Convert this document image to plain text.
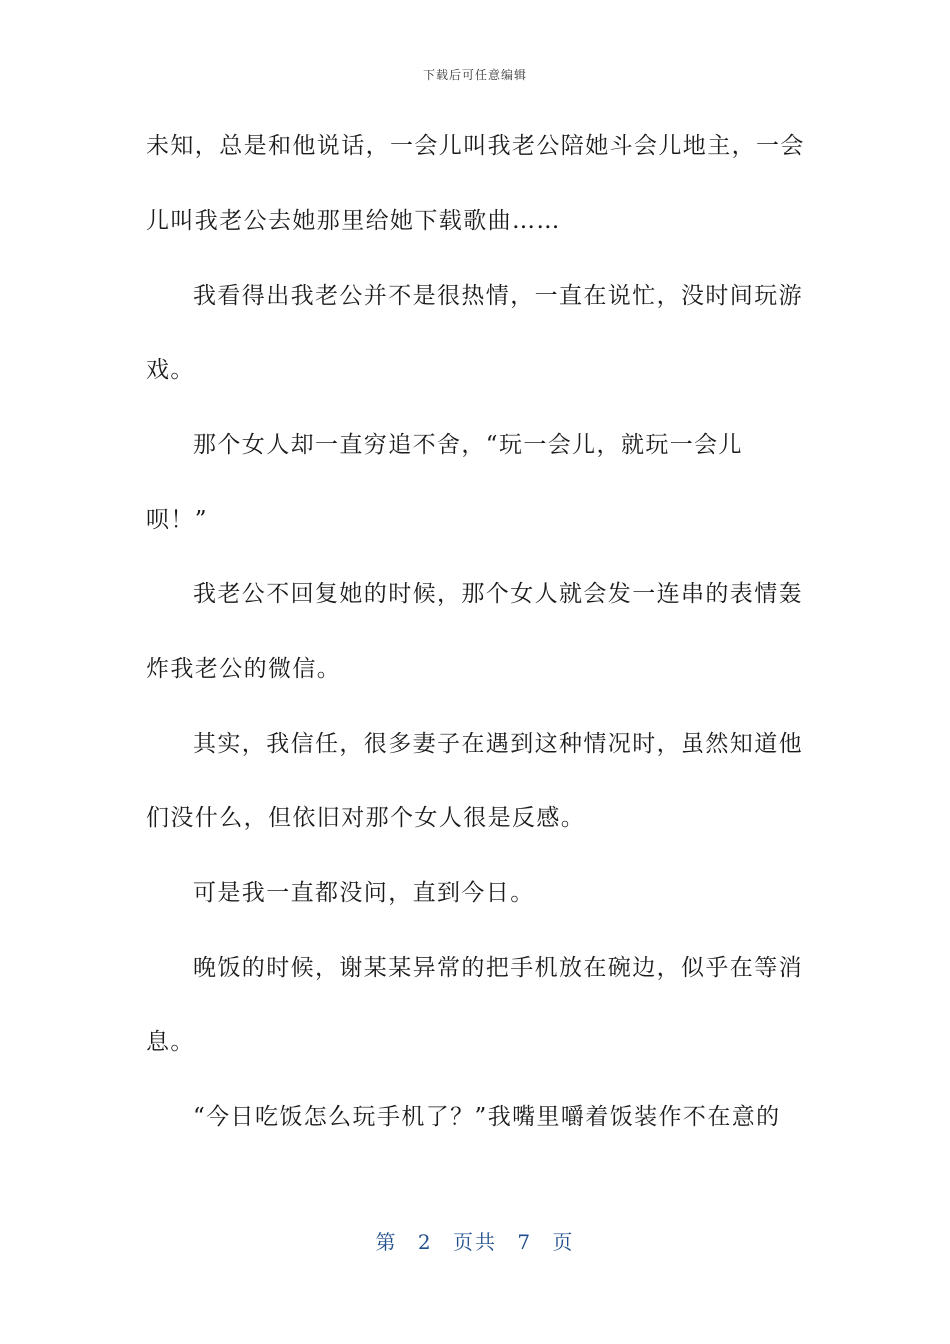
下载后可任意编辑
未知，总是和他说话，一会儿叫我老公陪她斗会儿地主，一会
儿叫我老公去她那里给她下载歌曲……
我看得出我老公并不是很热情，一直在说忙，没时间玩游
戏。
那个女人却一直穷追不舍，“玩一会儿，就玩一会儿
呗！”
我老公不回复她的时候，那个女人就会发一连串的表情轰
炸我老公的微信。
其实，我信任，很多妻子在遇到这种情况时，虽然知道他
们没什么，但依旧对那个女人很是反感。
可是我一直都没问，直到今日。
晚饭的时候，谢某某异常的把手机放在碗边，似乎在等消
息。
“今日吃饭怎么玩手机了？”我嘴里嚼着饭装作不在意的
第 2 页共 7 页
